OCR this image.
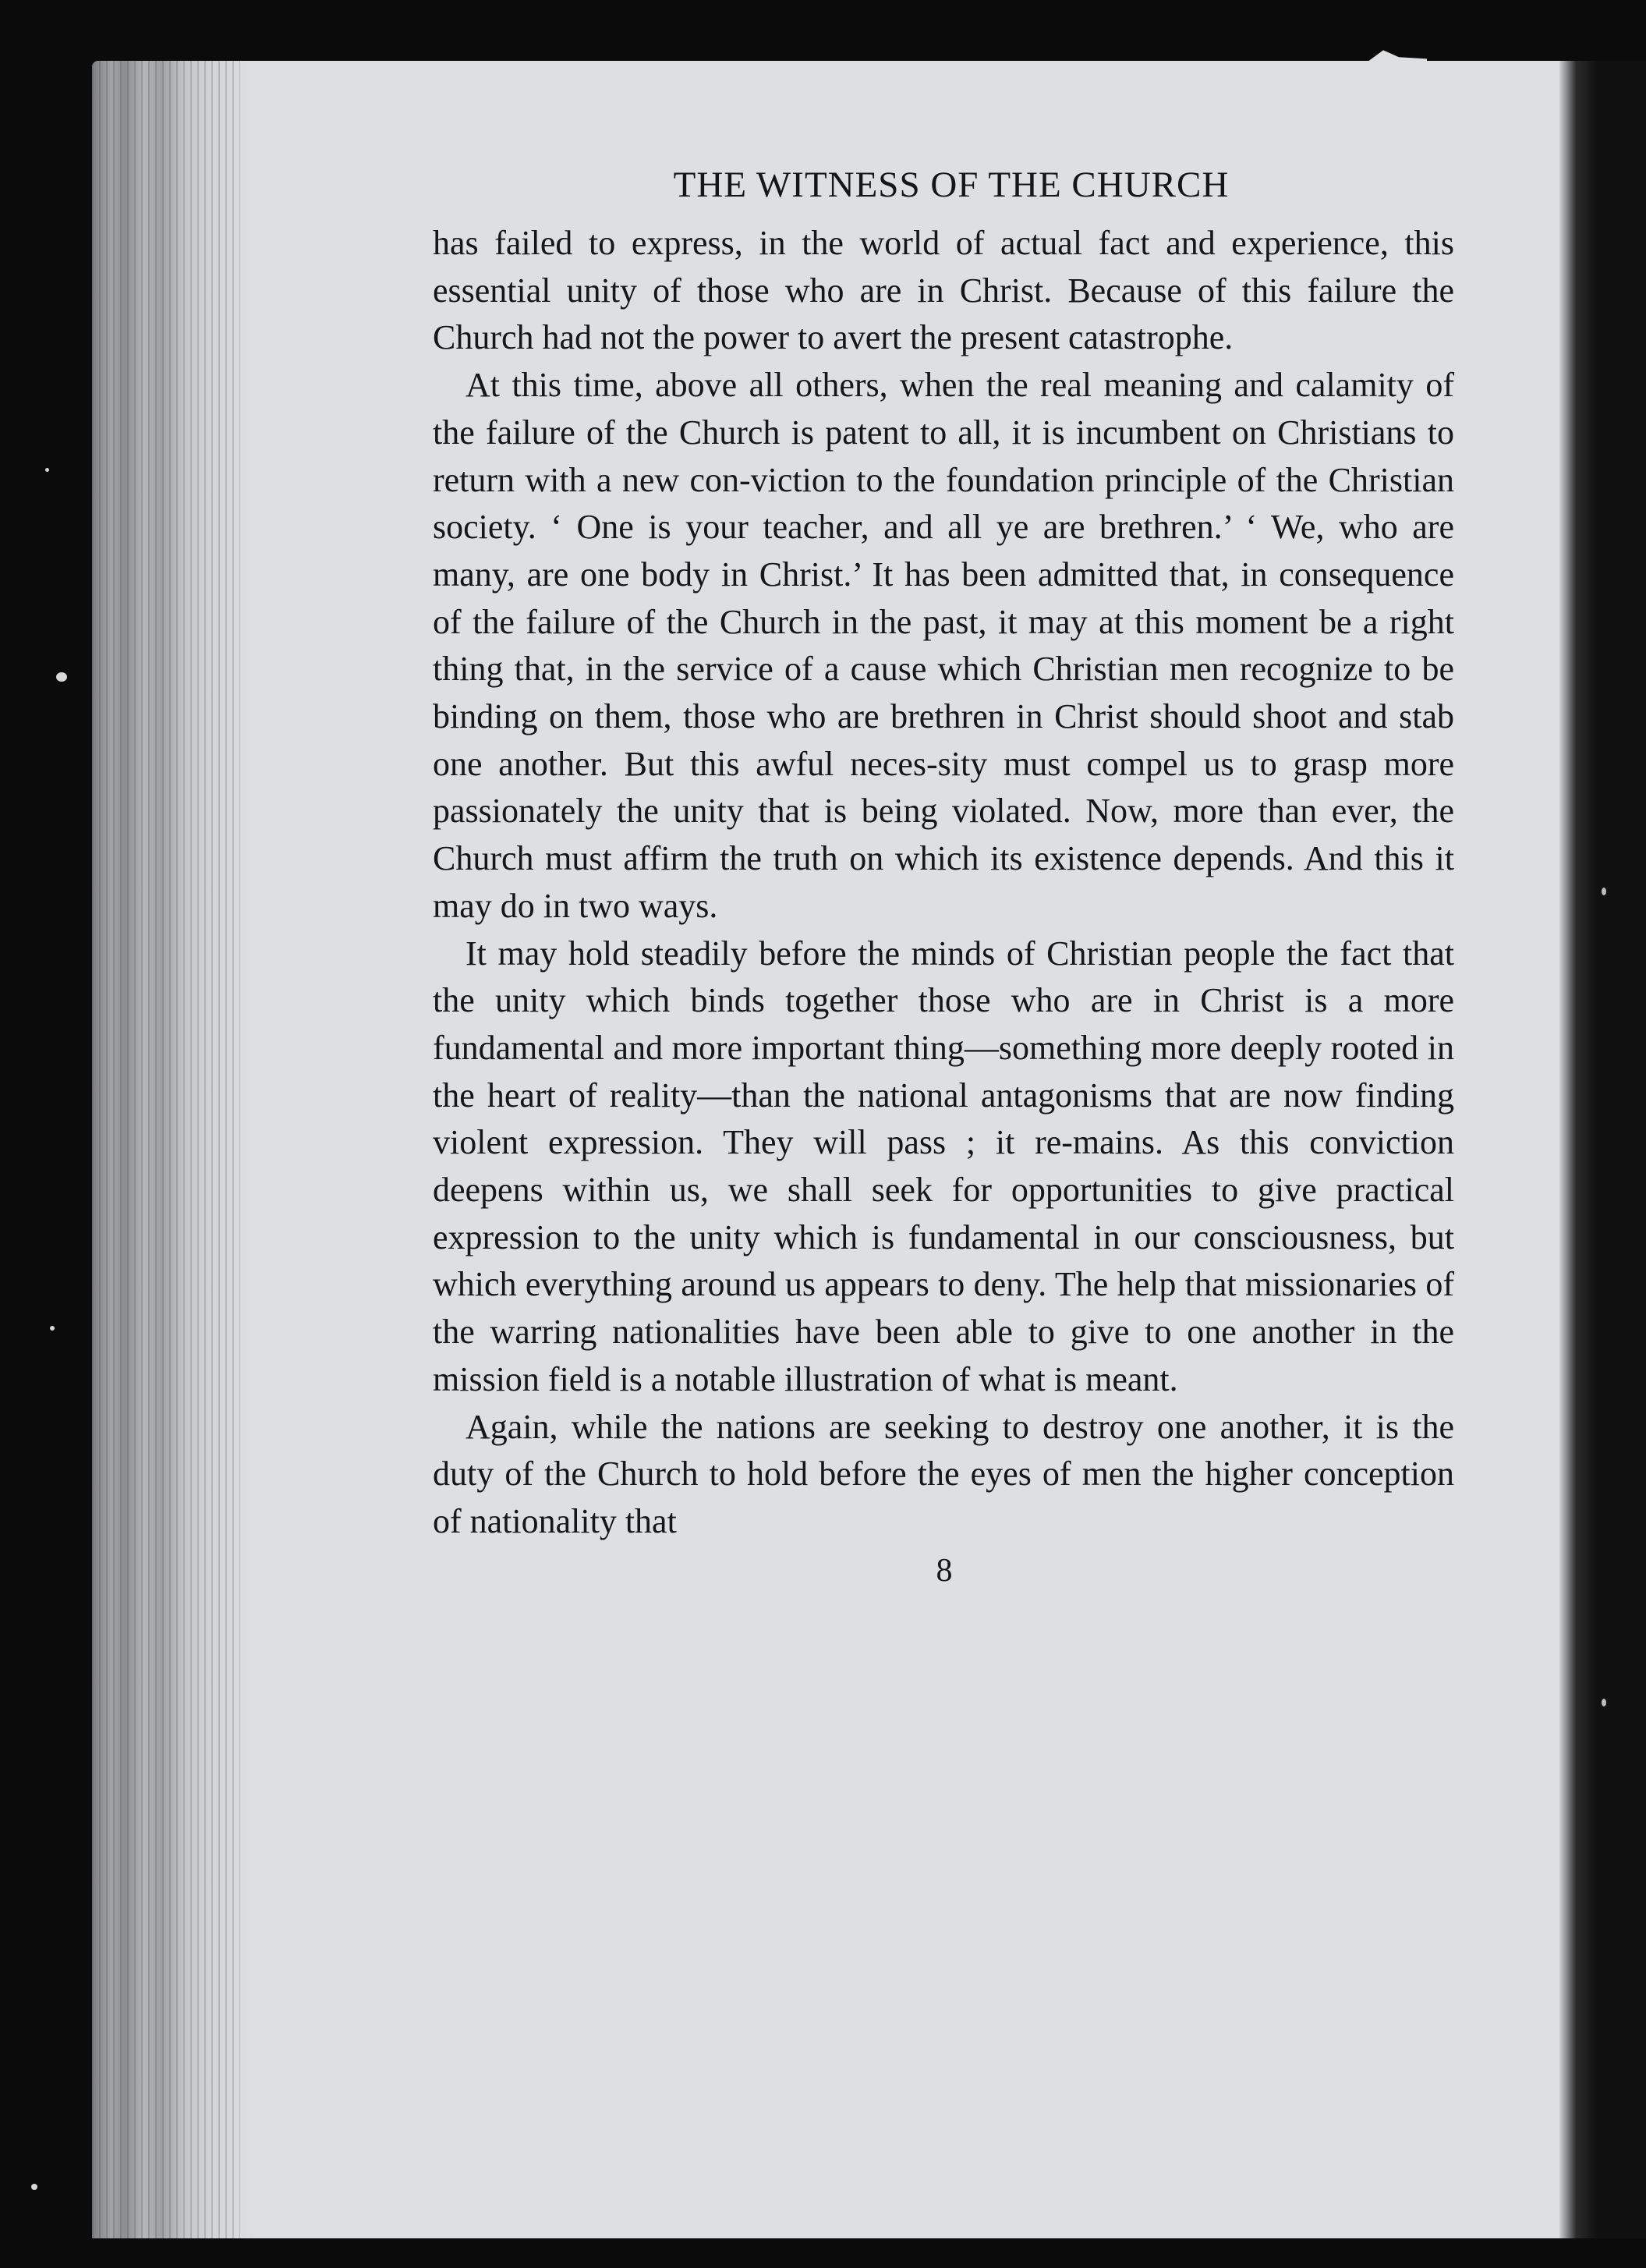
THE WITNESS OF THE CHURCH

has failed to express, in the world of actual fact and experience, this essential unity of those who are in Christ. Because of this failure the Church had not the power to avert the present catastrophe.

At this time, above all others, when the real meaning and calamity of the failure of the Church is patent to all, it is incumbent on Christians to return with a new con-viction to the foundation principle of the Christian society. ‘ One is your teacher, and all ye are brethren.’ ‘ We, who are many, are one body in Christ.’ It has been admitted that, in consequence of the failure of the Church in the past, it may at this moment be a right thing that, in the service of a cause which Christian men recognize to be binding on them, those who are brethren in Christ should shoot and stab one another. But this awful neces-sity must compel us to grasp more passionately the unity that is being violated. Now, more than ever, the Church must affirm the truth on which its existence depends. And this it may do in two ways.

It may hold steadily before the minds of Christian people the fact that the unity which binds together those who are in Christ is a more fundamental and more important thing—something more deeply rooted in the heart of reality—than the national antagonisms that are now finding violent expression. They will pass ; it re-mains. As this conviction deepens within us, we shall seek for opportunities to give practical expression to the unity which is fundamental in our consciousness, but which everything around us appears to deny. The help that missionaries of the warring nationalities have been able to give to one another in the mission field is a notable illustration of what is meant.

Again, while the nations are seeking to destroy one another, it is the duty of the Church to hold before the eyes of men the higher conception of nationality that

8
